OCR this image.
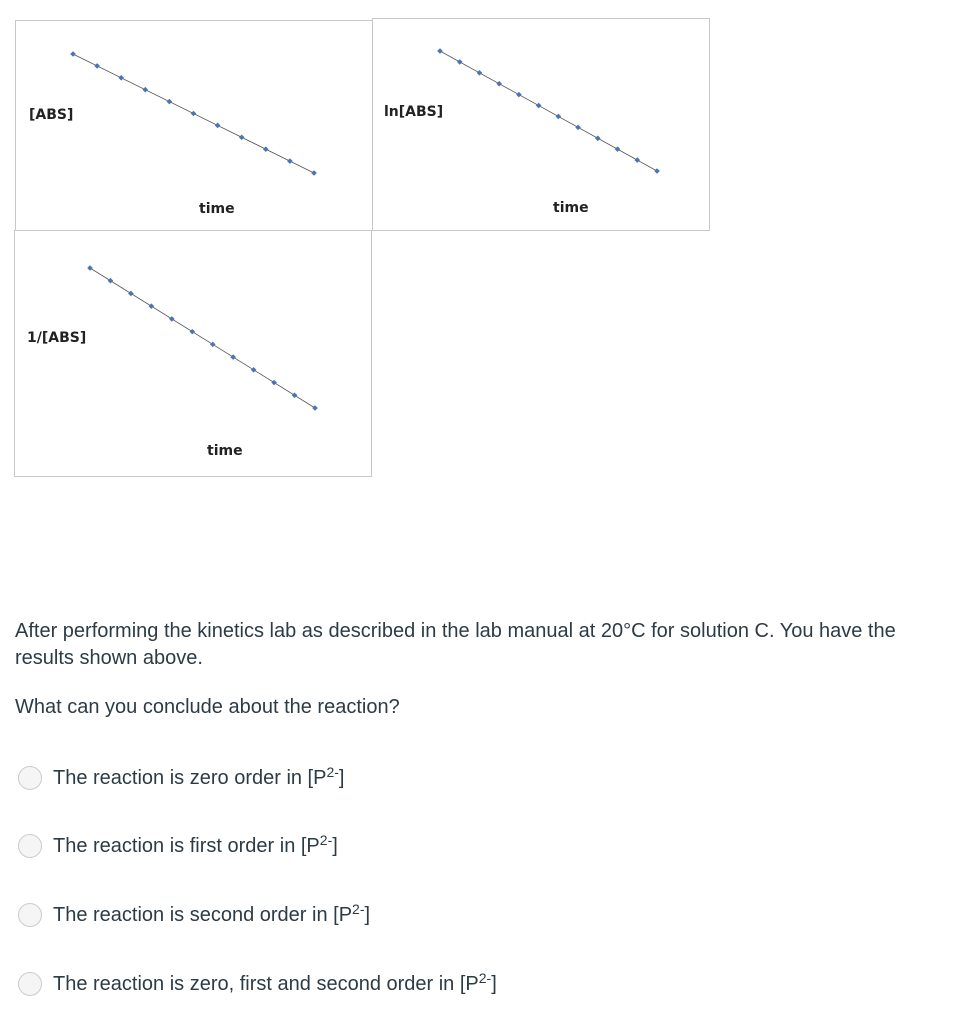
[ABS]
time
ln[ABS]
time
1/[ABS]
time

After performing the kinetics lab as described in the lab manual at 20°C for solution C. You have the results shown above.

What can you conclude about the reaction?

The reaction is zero order in $[P^{2-}]$
The reaction is first order in $[P^{2-}]$
The reaction is second order in $[P^{2-}]$
The reaction is zero, first and second order in $[P^{2-}]$
